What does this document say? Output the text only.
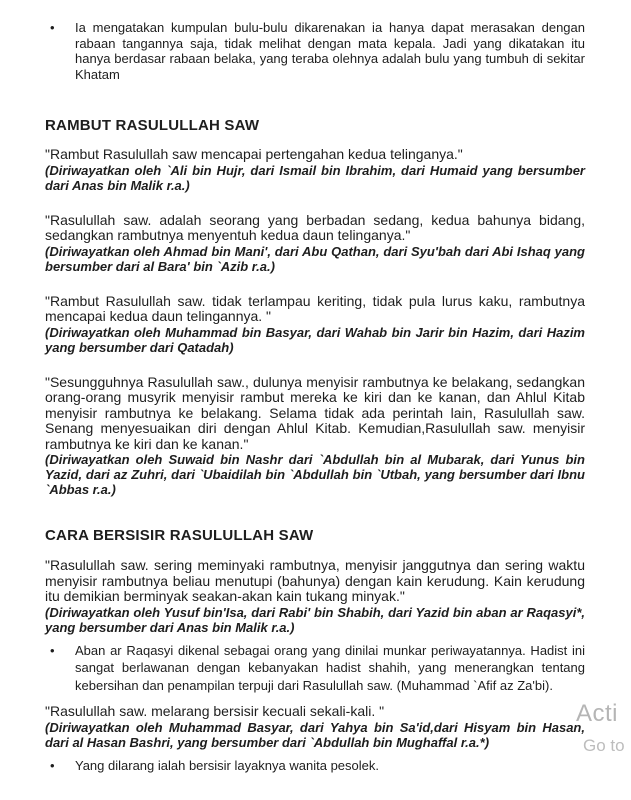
•	Ia mengatakan kumpulan bulu-bulu dikarenakan ia hanya dapat merasakan dengan rabaan tangannya saja, tidak melihat dengan mata kepala. Jadi yang dikatakan itu hanya berdasar rabaan belaka, yang teraba olehnya adalah bulu yang tumbuh di sekitar Khatam
RAMBUT RASULULLAH SAW

"Rambut Rasulullah saw mencapai pertengahan kedua telinganya."

(Diriwayatkan oleh `Ali bin Hujr, dari Ismail bin Ibrahim, dari Humaid yang bersumber dari Anas bin Malik r.a.)

"Rasulullah saw. adalah seorang yang berbadan sedang, kedua bahunya bidang, sedangkan rambutnya menyentuh kedua daun telinganya."

(Diriwayatkan oleh Ahmad bin Mani', dari Abu Qathan, dari Syu'bah dari Abi Ishaq yang bersumber dari al Bara' bin `Azib r.a.)

"Rambut Rasulullah saw. tidak terlampau keriting, tidak pula lurus kaku, rambutnya mencapai kedua daun telingannya. "

(Diriwayatkan oleh Muhammad bin Basyar, dari Wahab bin Jarir bin Hazim, dari Hazim yang bersumber dari Qatadah)

"Sesungguhnya Rasulullah saw., dulunya menyisir rambutnya ke belakang, sedangkan orang-orang musyrik menyisir rambut mereka ke kiri dan ke kanan, dan Ahlul Kitab menyisir rambutnya ke belakang. Selama tidak ada perintah lain, Rasulullah saw. Senang menyesuaikan diri dengan Ahlul Kitab. Kemudian,Rasulullah saw. menyisir rambutnya ke kiri dan ke kanan."

(Diriwayatkan oleh Suwaid bin Nashr dari `Abdullah bin al Mubarak, dari Yunus bin Yazid, dari az Zuhri, dari `Ubaidilah bin `Abdullah bin `Utbah, yang bersumber dari Ibnu `Abbas r.a.)

CARA BERSISIR RASULULLAH SAW

"Rasulullah saw. sering meminyaki rambutnya, menyisir janggutnya dan sering waktu menyisir rambutnya beliau menutupi (bahunya) dengan kain kerudung. Kain kerudung itu demikian berminyak seakan-akan kain tukang minyak."

(Diriwayatkan oleh Yusuf bin'Isa, dari Rabi' bin Shabih, dari Yazid bin aban ar Raqasyi*, yang bersumber dari Anas bin Malik r.a.)

•	Aban ar Raqasyi dikenal sebagai orang yang dinilai munkar periwayatannya. Hadist ini sangat berlawanan dengan kebanyakan hadist shahih, yang menerangkan tentang kebersihan dan penampilan terpuji dari Rasulullah saw. (Muhammad `Afif az Za'bi).

"Rasulullah saw. melarang bersisir kecuali sekali-kali. "

(Diriwayatkan oleh Muhammad Basyar, dari Yahya bin Sa'id,dari Hisyam bin Hasan, dari al Hasan Bashri, yang bersumber dari `Abdullah bin Mughaffal r.a.*)

•	Yang dilarang ialah bersisir layaknya wanita pesolek.
Acti
Go to
